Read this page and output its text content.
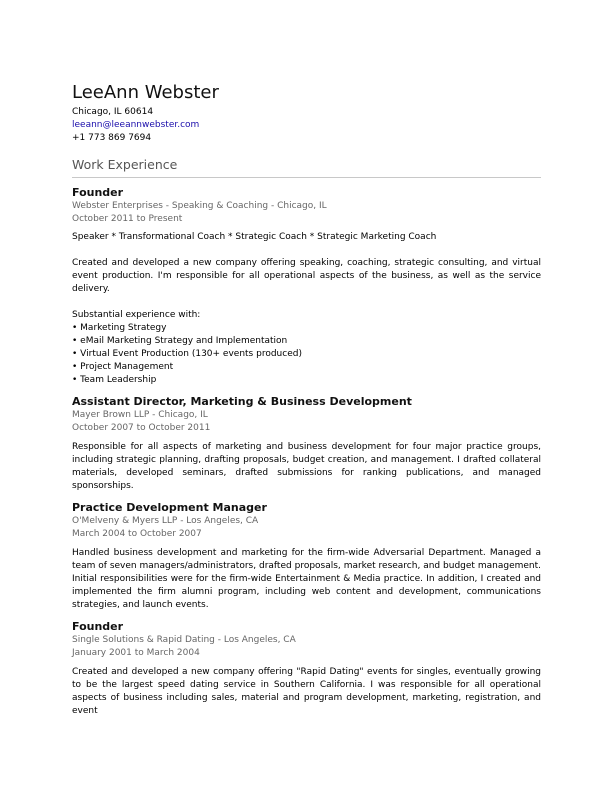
LeeAnn Webster
Chicago, IL 60614
leeann@leeannwebster.com
+1 773 869 7694
Work Experience
Founder
Webster Enterprises - Speaking & Coaching - Chicago, IL
October 2011 to Present
Speaker * Transformational Coach * Strategic Coach * Strategic Marketing Coach

Created and developed a new company offering speaking, coaching, strategic consulting, and virtual event production. I'm responsible for all operational aspects of the business, as well as the service delivery.

Substantial experience with:

• Marketing Strategy
• eMail Marketing Strategy and Implementation
• Virtual Event Production (130+ events produced)
• Project Management
• Team Leadership
Assistant Director, Marketing & Business Development
Mayer Brown LLP - Chicago, IL
October 2007 to October 2011

Responsible for all aspects of marketing and business development for four major practice groups, including strategic planning, drafting proposals, budget creation, and management. I drafted collateral materials, developed seminars, drafted submissions for ranking publications, and managed sponsorships.

Practice Development Manager
O'Melveny & Myers LLP - Los Angeles, CA
March 2004 to October 2007

Handled business development and marketing for the firm-wide Adversarial Department. Managed a team of seven managers/administrators, drafted proposals, market research, and budget management. Initial responsibilities were for the firm-wide Entertainment & Media practice. In addition, I created and implemented the firm alumni program, including web content and development, communications strategies, and launch events.

Founder
Single Solutions & Rapid Dating - Los Angeles, CA
January 2001 to March 2004

Created and developed a new company offering "Rapid Dating" events for singles, eventually growing to be the largest speed dating service in Southern California. I was responsible for all operational aspects of business including sales, material and program development, marketing, registration, and event
